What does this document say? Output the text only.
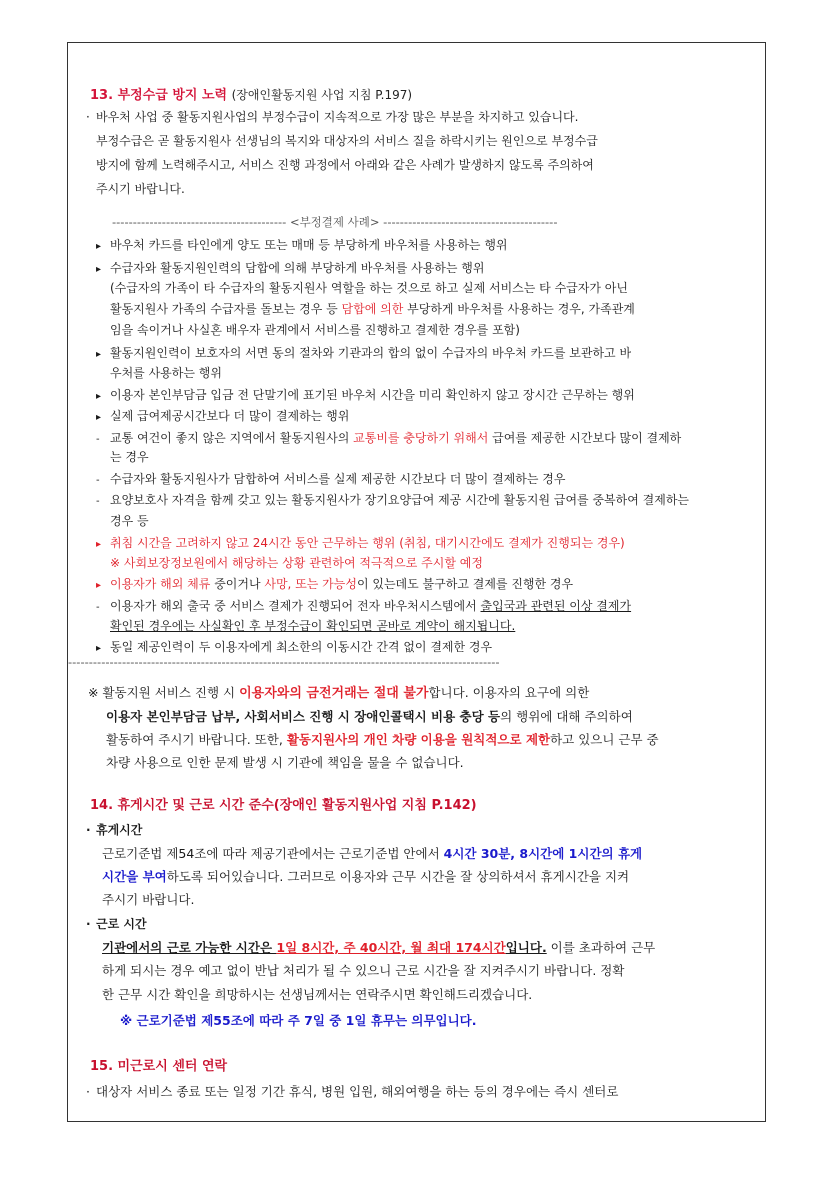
13. 부정수급 방지 노력 (장애인활동지원 사업 지침 P.197)
· 바우처 사업 중 활동지원사업의 부정수급이 지속적으로 가장 많은 부분을 차지하고 있습니다.
부정수급은 곧 활동지원사 선생님의 복지와 대상자의 서비스 질을 하락시키는 원인으로 부정수급
방지에 함께 노력해주시고, 서비스 진행 과정에서 아래와 같은 사례가 발생하지 않도록 주의하여
주시기 바랍니다.
------------------------------------------ <부정결제 사례> ------------------------------------------
▸ 바우처 카드를 타인에게 양도 또는 매매 등 부당하게 바우처를 사용하는 행위
▸ 수급자와 활동지원인력의 담합에 의해 부당하게 바우처를 사용하는 행위
(수급자의 가족이 타 수급자의 활동지원사 역할을 하는 것으로 하고 실제 서비스는 타 수급자가 아닌
활동지원사 가족의 수급자를 돌보는 경우 등 담합에 의한 부당하게 바우처를 사용하는 경우, 가족관계
임을 속이거나 사실혼 배우자 관계에서 서비스를 진행하고 결제한 경우를 포함)
▸ 활동지원인력이 보호자의 서면 동의 절차와 기관과의 합의 없이 수급자의 바우처 카드를 보관하고 바
우처를 사용하는 행위
▸ 이용자 본인부담금 입금 전 단말기에 표기된 바우처 시간을 미리 확인하지 않고 장시간 근무하는 행위
▸ 실제 급여제공시간보다 더 많이 결제하는 행위
- 교통 여건이 좋지 않은 지역에서 활동지원사의 교통비를 충당하기 위해서 급여를 제공한 시간보다 많이 결제하
는 경우
- 수급자와 활동지원사가 담합하여 서비스를 실제 제공한 시간보다 더 많이 결제하는 경우
- 요양보호사 자격을 함께 갖고 있는 활동지원사가 장기요양급여 제공 시간에 활동지원 급여를 중복하여 결제하는
경우 등
▸ 취침 시간을 고려하지 않고 24시간 동안 근무하는 행위 (취침, 대기시간에도 결제가 진행되는 경우)
※ 사회보장정보원에서 해당하는 상황 관련하여 적극적으로 주시할 예정
▸ 이용자가 해외 체류 중이거나 사망, 또는 가능성이 있는데도 불구하고 결제를 진행한 경우
- 이용자가 해외 출국 중 서비스 결제가 진행되어 전자 바우처시스템에서 출입국과 관련된 이상 결제가
확인된 경우에는 사실확인 후 부정수급이 확인되면 곧바로 계약이 해지됩니다.
▸ 동일 제공인력이 두 이용자에게 최소한의 이동시간 간격 없이 결제한 경우
--------------------------------------------------------------------------------------------------------
※ 활동지원 서비스 진행 시 이용자와의 금전거래는 절대 불가합니다. 이용자의 요구에 의한
이용자 본인부담금 납부, 사회서비스 진행 시 장애인콜택시 비용 충당 등의 행위에 대해 주의하여
활동하여 주시기 바랍니다. 또한, 활동지원사의 개인 차량 이용을 원칙적으로 제한하고 있으니 근무 중
차량 사용으로 인한 문제 발생 시 기관에 책임을 물을 수 없습니다.
14. 휴게시간 및 근로 시간 준수(장애인 활동지원사업 지침 P.142)
· 휴게시간
근로기준법 제54조에 따라 제공기관에서는 근로기준법 안에서 4시간 30분, 8시간에 1시간의 휴게
시간을 부여하도록 되어있습니다. 그러므로 이용자와 근무 시간을 잘 상의하셔서 휴게시간을 지켜
주시기 바랍니다.
· 근로 시간
기관에서의 근로 가능한 시간은 1일 8시간, 주 40시간, 월 최대 174시간입니다. 이를 초과하여 근무
하게 되시는 경우 예고 없이 반납 처리가 될 수 있으니 근로 시간을 잘 지켜주시기 바랍니다. 정확
한 근무 시간 확인을 희망하시는 선생님께서는 연락주시면 확인해드리겠습니다.
※ 근로기준법 제55조에 따라 주 7일 중 1일 휴무는 의무입니다.
15. 미근로시 센터 연락
· 대상자 서비스 종료 또는 일정 기간 휴식, 병원 입원, 해외여행을 하는 등의 경우에는 즉시 센터로
